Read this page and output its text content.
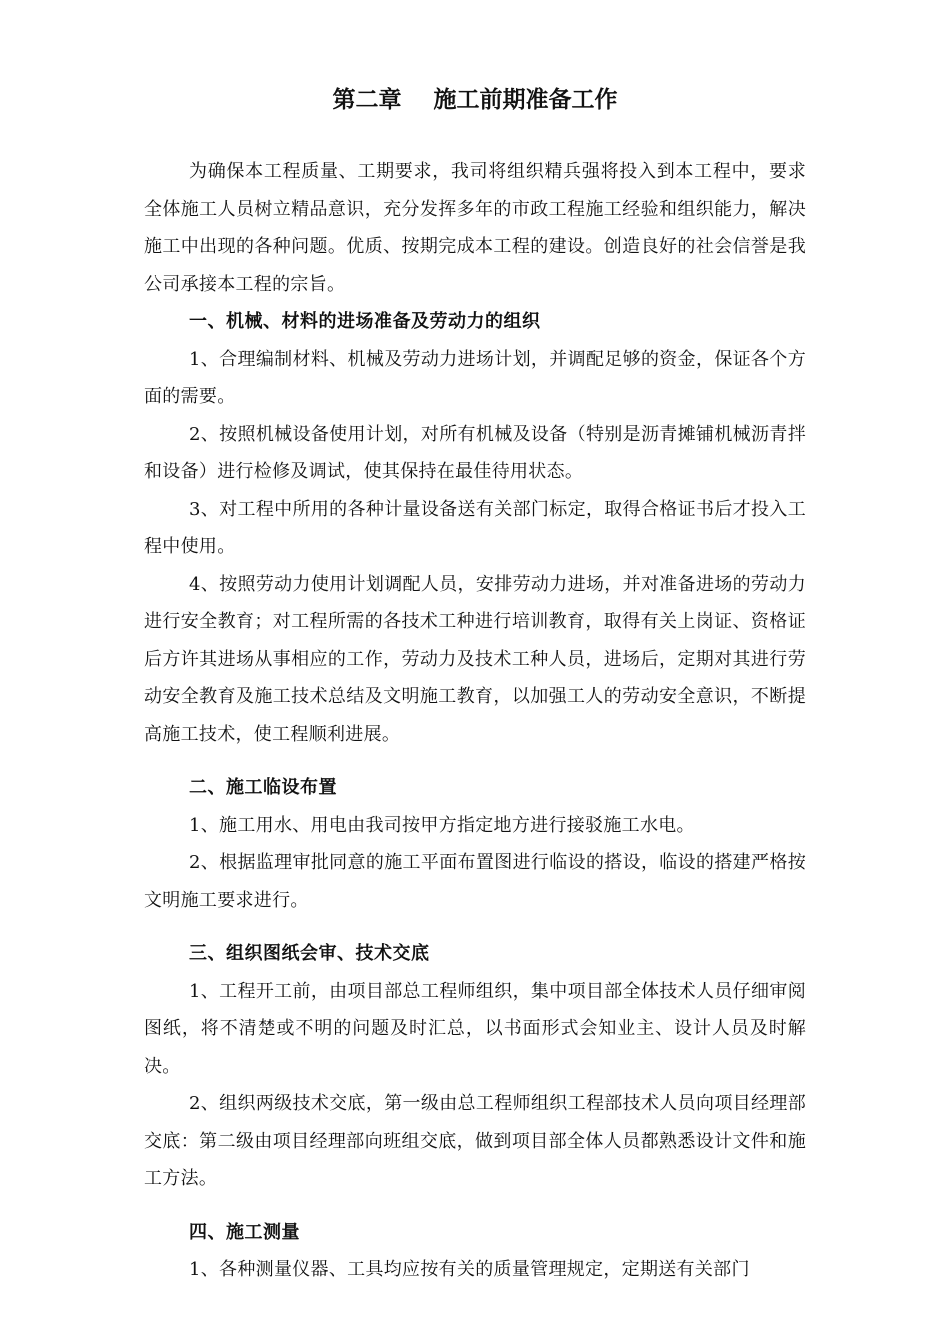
第二章    施工前期准备工作

为确保本工程质量、工期要求，我司将组织精兵强将投入到本工程中，要求全体施工人员树立精品意识，充分发挥多年的市政工程施工经验和组织能力，解决施工中出现的各种问题。优质、按期完成本工程的建设。创造良好的社会信誉是我公司承接本工程的宗旨。

一、机械、材料的进场准备及劳动力的组织

1、合理编制材料、机械及劳动力进场计划，并调配足够的资金，保证各个方面的需要。

2、按照机械设备使用计划，对所有机械及设备（特别是沥青摊铺机械沥青拌和设备）进行检修及调试，使其保持在最佳待用状态。

3、对工程中所用的各种计量设备送有关部门标定，取得合格证书后才投入工程中使用。

4、按照劳动力使用计划调配人员，安排劳动力进场，并对准备进场的劳动力进行安全教育；对工程所需的各技术工种进行培训教育，取得有关上岗证、资格证后方许其进场从事相应的工作，劳动力及技术工种人员，进场后，定期对其进行劳动安全教育及施工技术总结及文明施工教育，以加强工人的劳动安全意识，不断提高施工技术，使工程顺利进展。

二、施工临设布置

1、施工用水、用电由我司按甲方指定地方进行接驳施工水电。

2、根据监理审批同意的施工平面布置图进行临设的搭设，临设的搭建严格按文明施工要求进行。

三、组织图纸会审、技术交底

1、工程开工前，由项目部总工程师组织，集中项目部全体技术人员仔细审阅图纸，将不清楚或不明的问题及时汇总，以书面形式会知业主、设计人员及时解决。

2、组织两级技术交底，第一级由总工程师组织工程部技术人员向项目经理部交底：第二级由项目经理部向班组交底，做到项目部全体人员都熟悉设计文件和施工方法。

四、施工测量

1、各种测量仪器、工具均应按有关的质量管理规定，定期送有关部门
